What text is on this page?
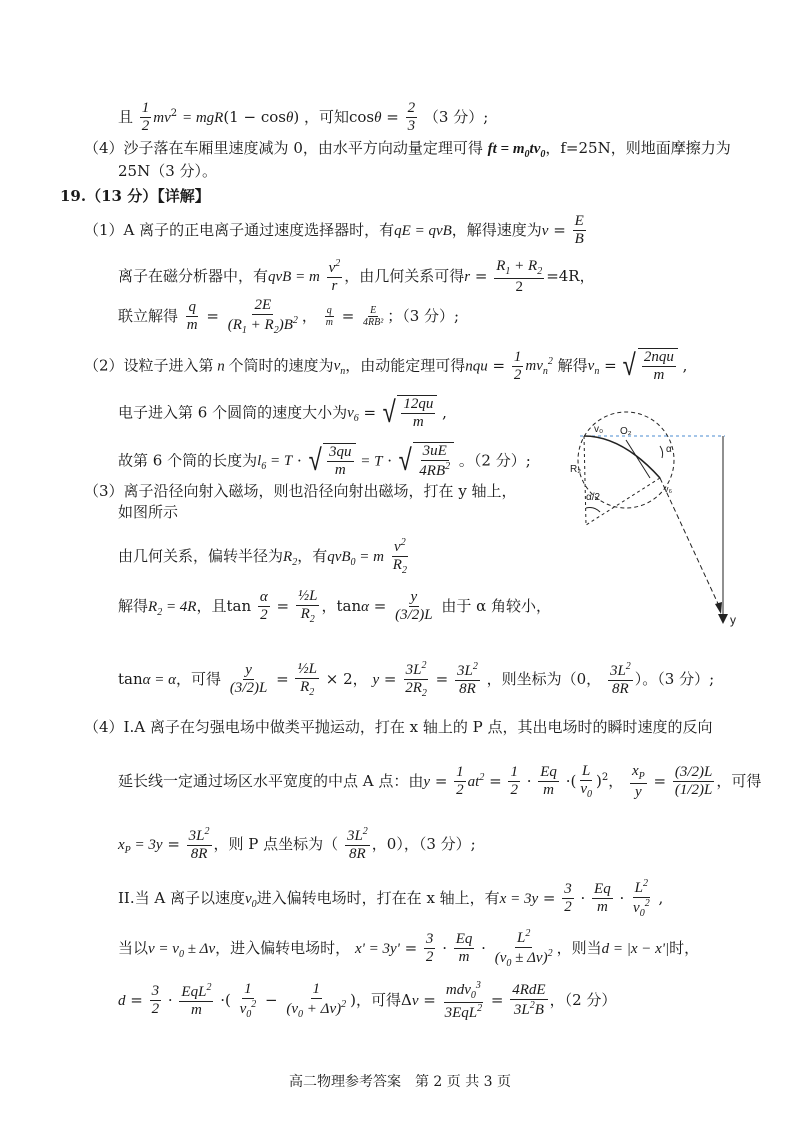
且 $\frac{1}{2} mv^2 = mgR(1 - \cos\theta)$ ，可知$\cos\theta = \frac{2}{3} (3$ 分）;
（4）沙子落在车厢里速度减为 0，由水平方向动量定理可得 ft = $m_0tv_0$，f=25N，则地面摩擦力为
25N（3 分）。
19.（13 分）【详解】
（1）A 离子的正电离子通过速度选择器时，有qE = qvB，解得速度为$v = \frac{E}{B}$
离子在磁分析器中，有qvB = m $\frac{v^2}{r}$ ，由几何关系可得$r = \frac{R_1 + R_2}{2} =4R$，
联立解得 $\frac{q}{m} = \frac{2E}{(R_1 + R_2)B^2}$ ， $\frac{q}{m} = \frac{E}{\text{4RB²}}$ ；（3 分）;
（2）设粒子进入第 n 个筒时的速度为$v_n$，由动能定理可得nqu = $\frac{1}{2} mv_n^2$ 解得$v_n$ = √ $\frac{\text{2nqu}}{m}$ ,
电子进入第 6 个圆筒的速度大小为$v_6$ = √ $\frac{12qu}{m}$ ,
故第 6 个筒的长度为$l_6 = T$ · √ $\frac{3qu}{m} = T$ · √ $\frac{3uE}{4RB^2}$ 。（2 分）;
（3）离子沿径向射入磁场，则也沿径向射出磁场，打在 y 轴上，
如图所示
由几何关系，偏转半径为$R_2$，有qvB$_0$ = m $\frac{v^2}{R_2}$
解得$R_2 = 4R$，且$\tan \frac{\alpha}{2} = \frac{\text{½L}}{R_2}$ ，$\tan\alpha = \frac{y}{(3/2)L}$ 由于 α 角较小，
tanα = α，可得 $\frac{y}{(3/2)L} = \frac{\text{½L}}{R_2} \times 2$， $y = \frac{3L^2}{2R_2} = \frac{3L^2}{8R}$ ，则坐标为（0， $\frac{3L^2}{8R}$ ）。（3 分）;
（4）I.A 离子在匀强电场中做类平抛运动，打在 x 轴上的 P 点，其出电场时的瞬时速度的反向
延长线一定通过场区水平宽度的中点 A 点：由$y = \frac{1}{2} at^2 = \frac{1}{2} \cdot \frac{Eq}{m}$ ·( $\frac{L}{v_0} )^2$， $\frac{x_P}{y} = \frac{(3/2)L}{(1/2)L}$ ，可得
$x_P = 3y = \frac{3L^2}{8R}$ ，则 P 点坐标为（ $\frac{3L^2}{8R}$ ，0），（3 分）;
II.当 A 离子以速度$v_0$进入偏转电场时，打在在 x 轴上，有$x = 3y = \frac{3}{2} \cdot \frac{Eq}{m} \cdot \frac{L^2}{v_0^2}$ ,
当以$v = v_0 \pm \Delta v$，进入偏转电场时， $x' = 3y' = \frac{3}{2} \cdot \frac{Eq}{m} \cdot \frac{L^2}{(v_0 \pm \Delta v)^2}$ ，则当d = |x − x'|时，
$d = \frac{3}{2} \cdot \frac{EqL^2}{m}$ ·( $\frac{1}{v_0^2} - \frac{1}{(v_0 + \Delta v)^2}$ )，可得$\Delta v = \frac{mdv_0^3}{3EqL^2} = \frac{\text{4RdE}}{3L^2B}$ ，（2 分）
y
v₀ O₂
α
R₂
α/2
v₆
高二物理参考答案　第 2 页 共 3 页
